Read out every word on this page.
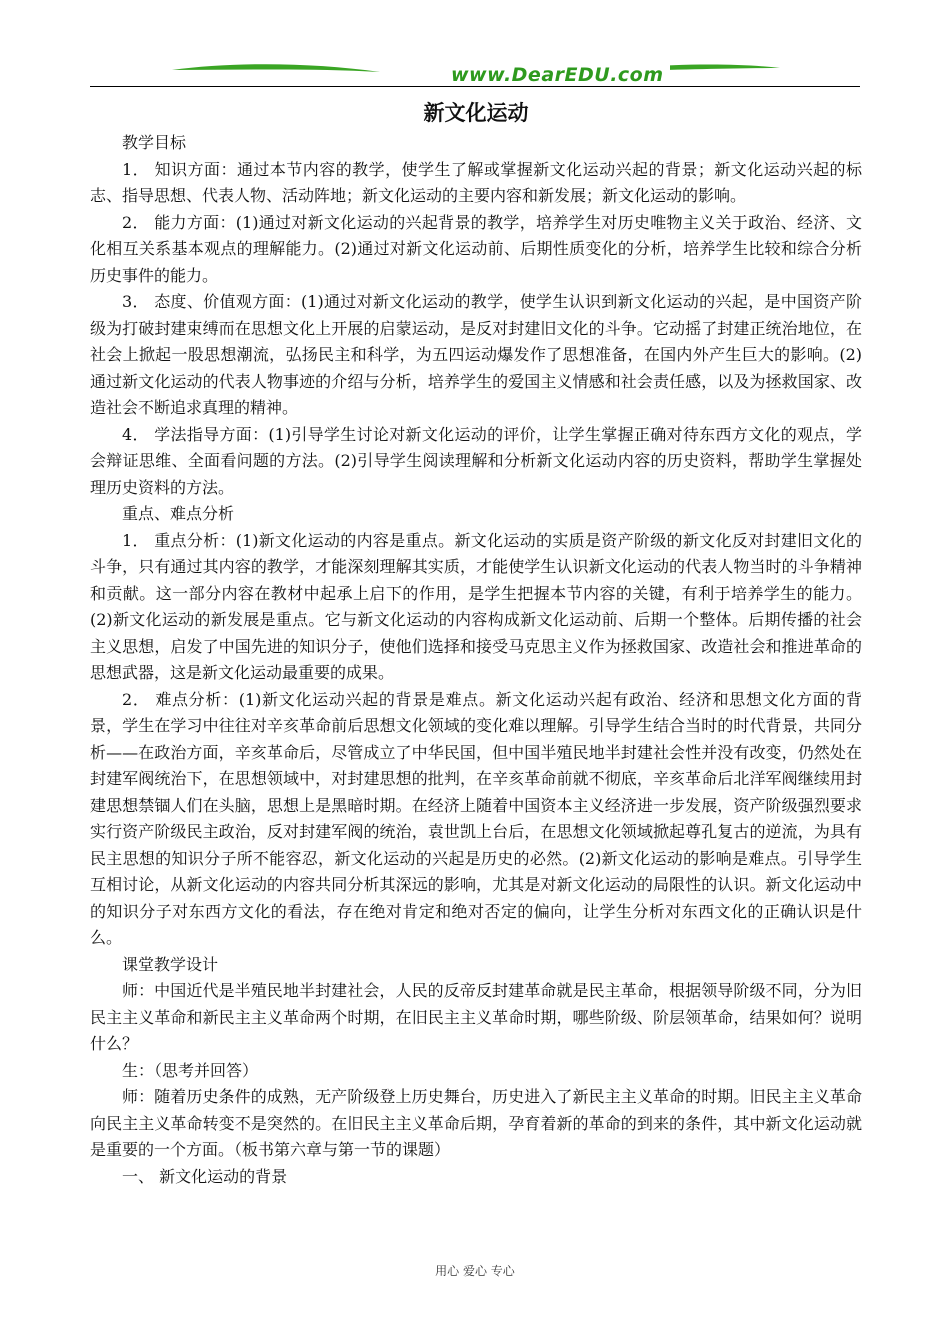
www.DearEDU.com
新文化运动

教学目标

1． 知识方面：通过本节内容的教学，使学生了解或掌握新文化运动兴起的背景；新文化运动兴起的标志、指导思想、代表人物、活动阵地；新文化运动的主要内容和新发展；新文化运动的影响。

2． 能力方面：(1)通过对新文化运动的兴起背景的教学，培养学生对历史唯物主义关于政治、经济、文化相互关系基本观点的理解能力。(2)通过对新文化运动前、后期性质变化的分析，培养学生比较和综合分析历史事件的能力。

3． 态度、价值观方面：(1)通过对新文化运动的教学，使学生认识到新文化运动的兴起，是中国资产阶级为打破封建束缚而在思想文化上开展的启蒙运动，是反对封建旧文化的斗争。它动摇了封建正统治地位，在社会上掀起一股思想潮流，弘扬民主和科学，为五四运动爆发作了思想准备，在国内外产生巨大的影响。(2)通过新文化运动的代表人物事迹的介绍与分析，培养学生的爱国主义情感和社会责任感，以及为拯救国家、改造社会不断追求真理的精神。

4． 学法指导方面：(1)引导学生讨论对新文化运动的评价，让学生掌握正确对待东西方文化的观点，学会辩证思维、全面看问题的方法。(2)引导学生阅读理解和分析新文化运动内容的历史资料，帮助学生掌握处理历史资料的方法。

重点、难点分析

1． 重点分析：(1)新文化运动的内容是重点。新文化运动的实质是资产阶级的新文化反对封建旧文化的斗争，只有通过其内容的教学，才能深刻理解其实质，才能使学生认识新文化运动的代表人物当时的斗争精神和贡献。这一部分内容在教材中起承上启下的作用，是学生把握本节内容的关键，有利于培养学生的能力。(2)新文化运动的新发展是重点。它与新文化运动的内容构成新文化运动前、后期一个整体。后期传播的社会主义思想，启发了中国先进的知识分子，使他们选择和接受马克思主义作为拯救国家、改造社会和推进革命的思想武器，这是新文化运动最重要的成果。

2． 难点分析：(1)新文化运动兴起的背景是难点。新文化运动兴起有政治、经济和思想文化方面的背景，学生在学习中往往对辛亥革命前后思想文化领域的变化难以理解。引导学生结合当时的时代背景，共同分析——在政治方面，辛亥革命后，尽管成立了中华民国，但中国半殖民地半封建社会性并没有改变，仍然处在封建军阀统治下，在思想领域中，对封建思想的批判，在辛亥革命前就不彻底，辛亥革命后北洋军阀继续用封建思想禁锢人们在头脑，思想上是黑暗时期。在经济上随着中国资本主义经济进一步发展，资产阶级强烈要求实行资产阶级民主政治，反对封建军阀的统治，袁世凯上台后，在思想文化领域掀起尊孔复古的逆流，为具有民主思想的知识分子所不能容忍，新文化运动的兴起是历史的必然。(2)新文化运动的影响是难点。引导学生互相讨论，从新文化运动的内容共同分析其深远的影响，尤其是对新文化运动的局限性的认识。新文化运动中的知识分子对东西方文化的看法，存在绝对肯定和绝对否定的偏向，让学生分析对东西文化的正确认识是什么。

课堂教学设计

师：中国近代是半殖民地半封建社会，人民的反帝反封建革命就是民主革命，根据领导阶级不同，分为旧民主主义革命和新民主主义革命两个时期，在旧民主主义革命时期，哪些阶级、阶层领革命，结果如何？说明什么？

生：（思考并回答）

师：随着历史条件的成熟，无产阶级登上历史舞台，历史进入了新民主主义革命的时期。旧民主主义革命向民主主义革命转变不是突然的。在旧民主主义革命后期，孕育着新的革命的到来的条件，其中新文化运动就是重要的一个方面。（板书第六章与第一节的课题）

一、 新文化运动的背景

用心 爱心 专心
